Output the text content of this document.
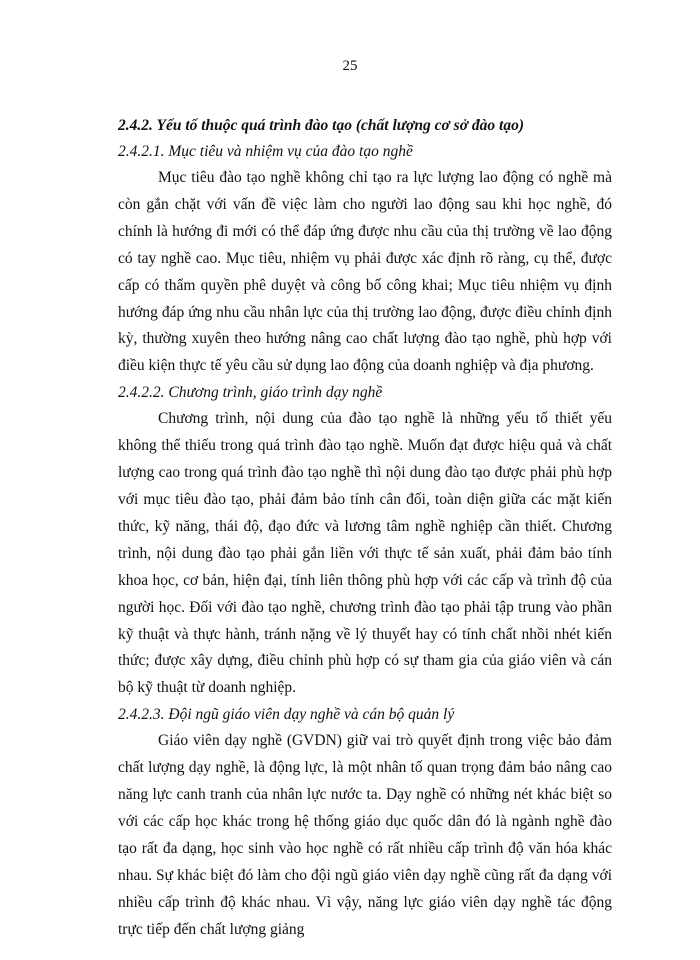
25

2.4.2. Yếu tố thuộc quá trình đào tạo (chất lượng cơ sở đào tạo)

2.4.2.1. Mục tiêu và nhiệm vụ của đào tạo nghề

Mục tiêu đào tạo nghề không chỉ tạo ra lực lượng lao động có nghề mà còn gắn chặt với vấn đề việc làm cho người lao động sau khi học nghề, đó chính là hướng đi mới có thể đáp ứng được nhu cầu của thị trường về lao động có tay nghề cao. Mục tiêu, nhiệm vụ phải được xác định rõ ràng, cụ thể, được cấp có thẩm quyền phê duyệt và công bố công khai; Mục tiêu nhiệm vụ định hướng đáp ứng nhu cầu nhân lực của thị trường lao động, được điều chỉnh định kỳ, thường xuyên theo hướng nâng cao chất lượng đào tạo nghề, phù hợp với điều kiện thực tế yêu cầu sử dụng lao động của doanh nghiệp và địa phương.

2.4.2.2. Chương trình, giáo trình dạy nghề

Chương trình, nội dung của đào tạo nghề là những yếu tố thiết yếu không thể thiếu trong quá trình đào tạo nghề. Muốn đạt được hiệu quả và chất lượng cao trong quá trình đào tạo nghề thì nội dung đào tạo được phải phù hợp với mục tiêu đào tạo, phải đảm bảo tính cân đối, toàn diện giữa các mặt kiến thức, kỹ năng, thái độ, đạo đức và lương tâm nghề nghiệp cần thiết. Chương trình, nội dung đào tạo phải gắn liền với thực tế sản xuất, phải đảm bảo tính khoa học, cơ bản, hiện đại, tính liên thông phù hợp với các cấp và trình độ của người học. Đối với đào tạo nghề, chương trình đào tạo phải tập trung vào phần kỹ thuật và thực hành, tránh nặng về lý thuyết hay có tính chất nhồi nhét kiến thức; được xây dựng, điều chỉnh phù hợp có sự tham gia của giáo viên và cán bộ kỹ thuật từ doanh nghiệp.

2.4.2.3. Đội ngũ giáo viên dạy nghề và cán bộ quản lý

Giáo viên dạy nghề (GVDN) giữ vai trò quyết định trong việc bảo đảm chất lượng dạy nghề, là động lực, là một nhân tố quan trọng đảm bảo nâng cao năng lực canh tranh của nhân lực nước ta. Dạy nghề có những nét khác biệt so với các cấp học khác trong hệ thống giáo dục quốc dân đó là ngành nghề đào tạo rất đa dạng, học sinh vào học nghề có rất nhiều cấp trình độ văn hóa khác nhau. Sự khác biệt đó làm cho đội ngũ giáo viên dạy nghề cũng rất đa dạng với nhiều cấp trình độ khác nhau. Vì vậy, năng lực giáo viên dạy nghề tác động trực tiếp đến chất lượng giảng
